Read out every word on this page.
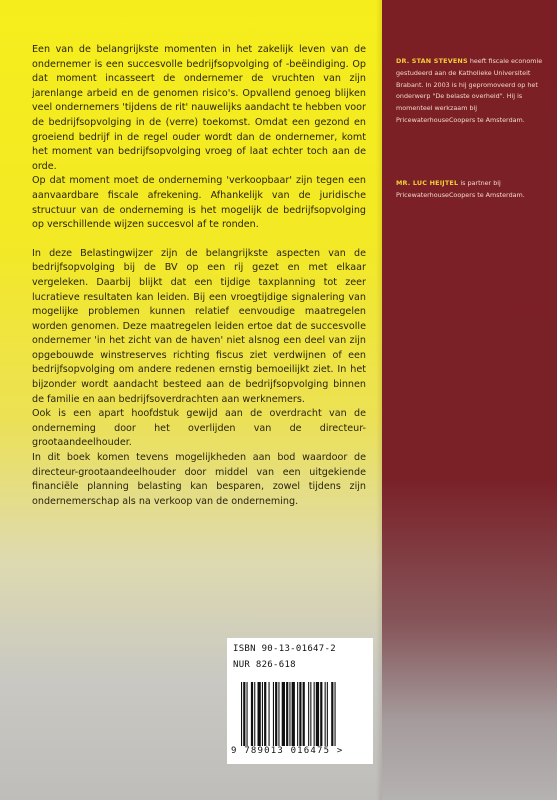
Een van de belangrijkste momenten in het zakelijk leven van de ondernemer is een succesvolle bedrijfsopvolging of -beëindiging. Op dat moment incasseert de ondernemer de vruchten van zijn jarenlange arbeid en de genomen risico's. Opvallend genoeg blijken veel ondernemers 'tijdens de rit' nauwelijks aandacht te hebben voor de bedrijfsopvolging in de (verre) toekomst. Omdat een gezond en groeiend bedrijf in de regel ouder wordt dan de ondernemer, komt het moment van bedrijfsopvolging vroeg of laat echter toch aan de orde.

Op dat moment moet de onderneming 'verkoopbaar' zijn tegen een aanvaardbare fiscale afrekening. Afhankelijk van de juridische structuur van de onderneming is het mogelijk de bedrijfsopvolging op verschillende wijzen succesvol af te ronden.

In deze Belastingwijzer zijn de belangrijkste aspecten van de bedrijfsopvolging bij de BV op een rij gezet en met elkaar vergeleken. Daarbij blijkt dat een tijdige taxplanning tot zeer lucratieve resultaten kan leiden. Bij een vroegtijdige signalering van mogelijke problemen kunnen relatief eenvoudige maatregelen worden genomen. Deze maatregelen leiden ertoe dat de succesvolle ondernemer 'in het zicht van de haven' niet alsnog een deel van zijn opgebouwde winstreserves richting fiscus ziet verdwijnen of een bedrijfsopvolging om andere redenen ernstig bemoeilijkt ziet. In het bijzonder wordt aandacht besteed aan de bedrijfsopvolging binnen de familie en aan bedrijfsoverdrachten aan werknemers.

Ook is een apart hoofdstuk gewijd aan de overdracht van de onderneming door het overlijden van de directeur-grootaandeelhouder.

In dit boek komen tevens mogelijkheden aan bod waardoor de directeur-grootaandeelhouder door middel van een uitgekiende financiële planning belasting kan besparen, zowel tijdens zijn ondernemerschap als na verkoop van de onderneming.

DR. STAN STEVENS heeft fiscale economie gestudeerd aan de Katholieke Universiteit Brabant. In 2003 is hij gepromoveerd op het onderwerp "De belaste overheid". Hij is momenteel werkzaam bij PricewaterhouseCoopers te Amsterdam.
MR. LUC HEIJTEL is partner bij PricewaterhouseCoopers te Amsterdam.
ISBN 90-13-01647-2
NUR 826-618
9 789013 016475 >
